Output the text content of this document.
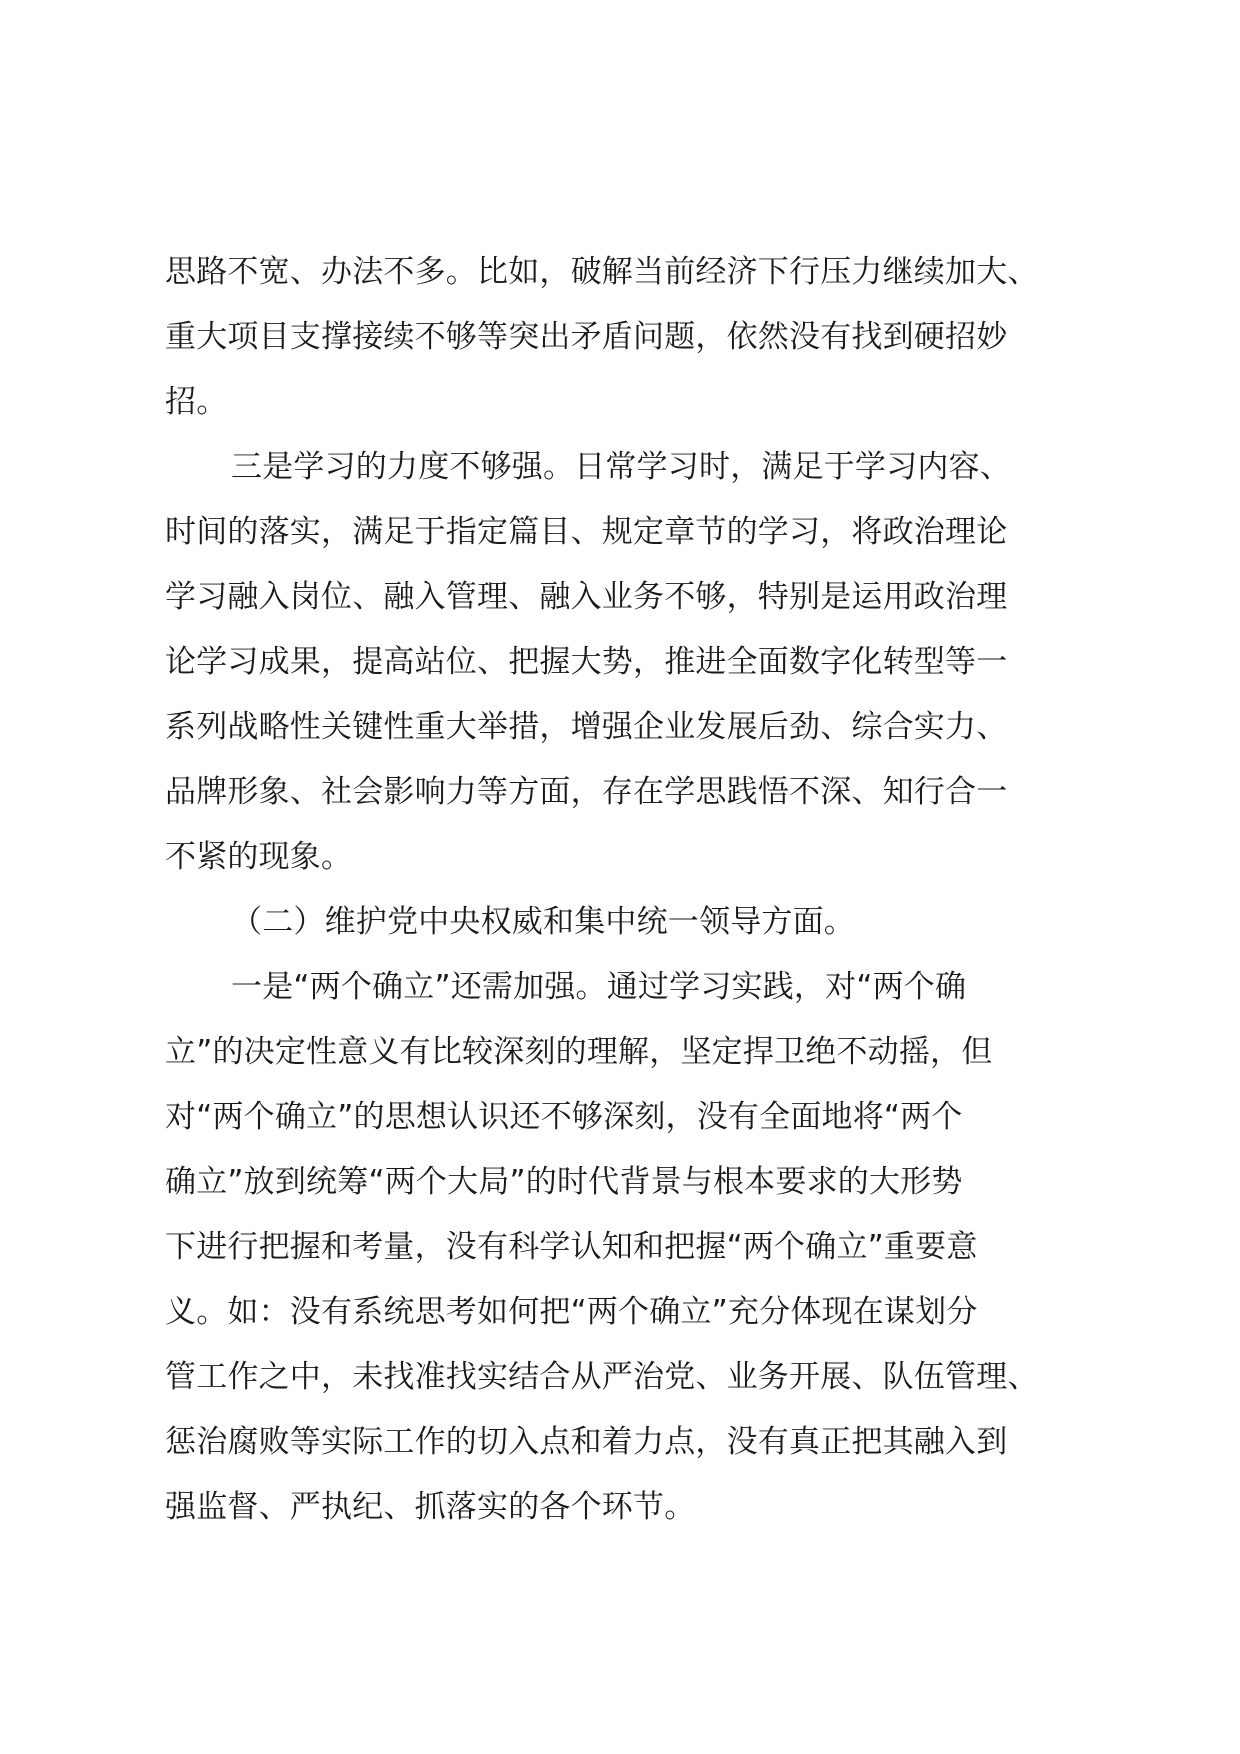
思路不宽、办法不多。比如，破解当前经济下行压力继续加大、
重大项目支撑接续不够等突出矛盾问题，依然没有找到硬招妙
招。
三是学习的力度不够强。日常学习时，满足于学习内容、
时间的落实，满足于指定篇目、规定章节的学习，将政治理论
学习融入岗位、融入管理、融入业务不够，特别是运用政治理
论学习成果，提高站位、把握大势，推进全面数字化转型等一
系列战略性关键性重大举措，增强企业发展后劲、综合实力、
品牌形象、社会影响力等方面，存在学思践悟不深、知行合一
不紧的现象。
（二）维护党中央权威和集中统一领导方面。
一是“两个确立”还需加强。通过学习实践，对“两个确
立”的决定性意义有比较深刻的理解，坚定捍卫绝不动摇，但
对“两个确立”的思想认识还不够深刻，没有全面地将“两个
确立”放到统筹“两个大局”的时代背景与根本要求的大形势
下进行把握和考量，没有科学认知和把握“两个确立”重要意
义。如：没有系统思考如何把“两个确立”充分体现在谋划分
管工作之中，未找准找实结合从严治党、业务开展、队伍管理、
惩治腐败等实际工作的切入点和着力点，没有真正把其融入到
强监督、严执纪、抓落实的各个环节。
